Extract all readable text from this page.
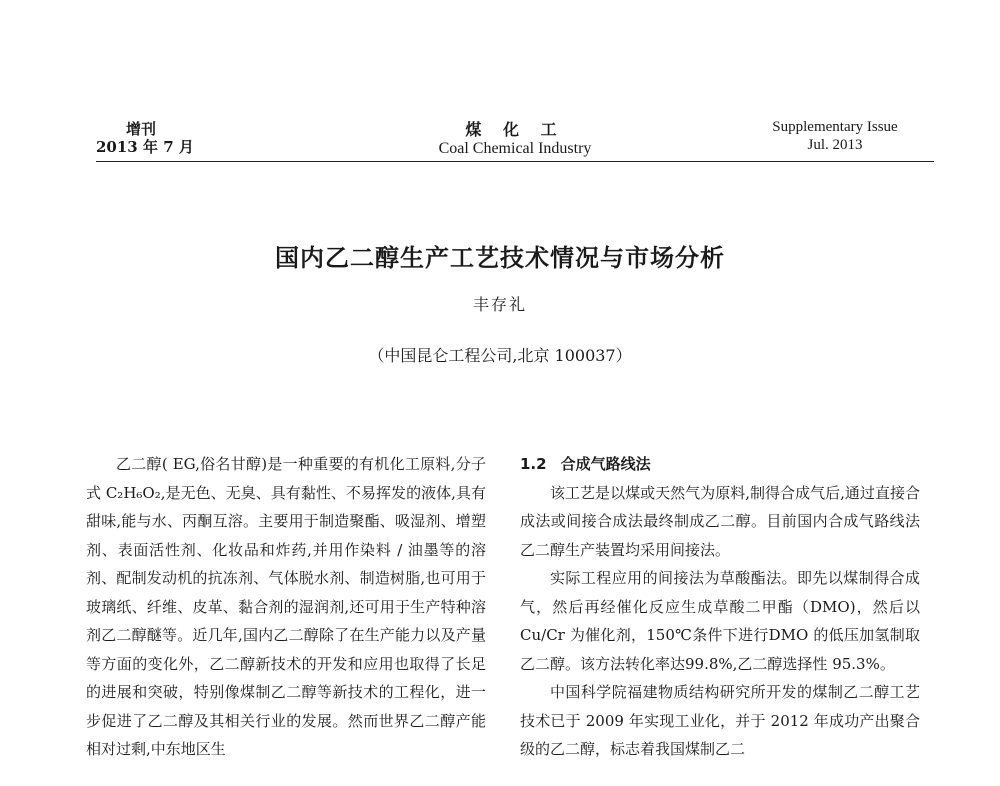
增刊
2013 年 7 月
煤 化 工
Coal Chemical Industry
Supplementary Issue
Jul. 2013
国内乙二醇生产工艺技术情况与市场分析
丰存礼
（中国昆仑工程公司,北京 100037）

乙二醇( EG,俗名甘醇)是一种重要的有机化工原料,分子式 C₂H₆O₂,是无色、无臭、具有黏性、不易挥发的液体,具有甜味,能与水、丙酮互溶。主要用于制造聚酯、吸湿剂、增塑剂、表面活性剂、化妆品和炸药,并用作染料 / 油墨等的溶剂、配制发动机的抗冻剂、气体脱水剂、制造树脂,也可用于玻璃纸、纤维、皮革、黏合剂的湿润剂,还可用于生产特种溶剂乙二醇醚等。近几年,国内乙二醇除了在生产能力以及产量等方面的变化外，乙二醇新技术的开发和应用也取得了长足的进展和突破，特别像煤制乙二醇等新技术的工程化，进一步促进了乙二醇及其相关行业的发展。然而世界乙二醇产能相对过剩,中东地区生

1.2 合成气路线法

该工艺是以煤或天然气为原料,制得合成气后,通过直接合成法或间接合成法最终制成乙二醇。目前国内合成气路线法乙二醇生产装置均采用间接法。

实际工程应用的间接法为草酸酯法。即先以煤制得合成气，然后再经催化反应生成草酸二甲酯（DMO)，然后以 Cu/Cr 为催化剂，150℃条件下进行DMO 的低压加氢制取乙二醇。该方法转化率达99.8%,乙二醇选择性 95.3%。

中国科学院福建物质结构研究所开发的煤制乙二醇工艺技术已于 2009 年实现工业化，并于 2012 年成功产出聚合级的乙二醇，标志着我国煤制乙二
